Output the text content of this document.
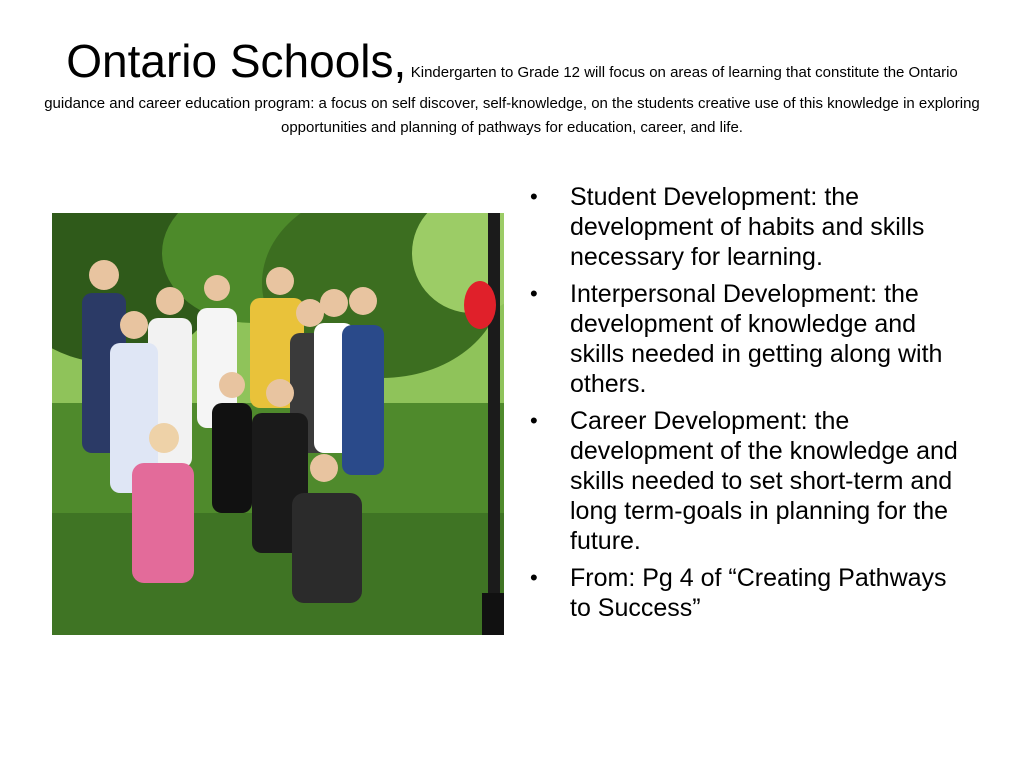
Ontario Schools, Kindergarten to Grade 12 will focus on areas of learning that constitute the Ontario guidance and career education program: a focus on self discover, self-knowledge, on the students creative use of this knowledge in exploring opportunities and planning of pathways for education, career, and life.
•	Student Development: the development of habits and skills necessary for learning.
•	Interpersonal Development: the development of knowledge and skills needed in getting along with others.
•	Career Development: the development of the knowledge and skills needed to set short-term and long term-goals in planning for the future.
•	From: Pg 4 of “Creating Pathways to Success”
